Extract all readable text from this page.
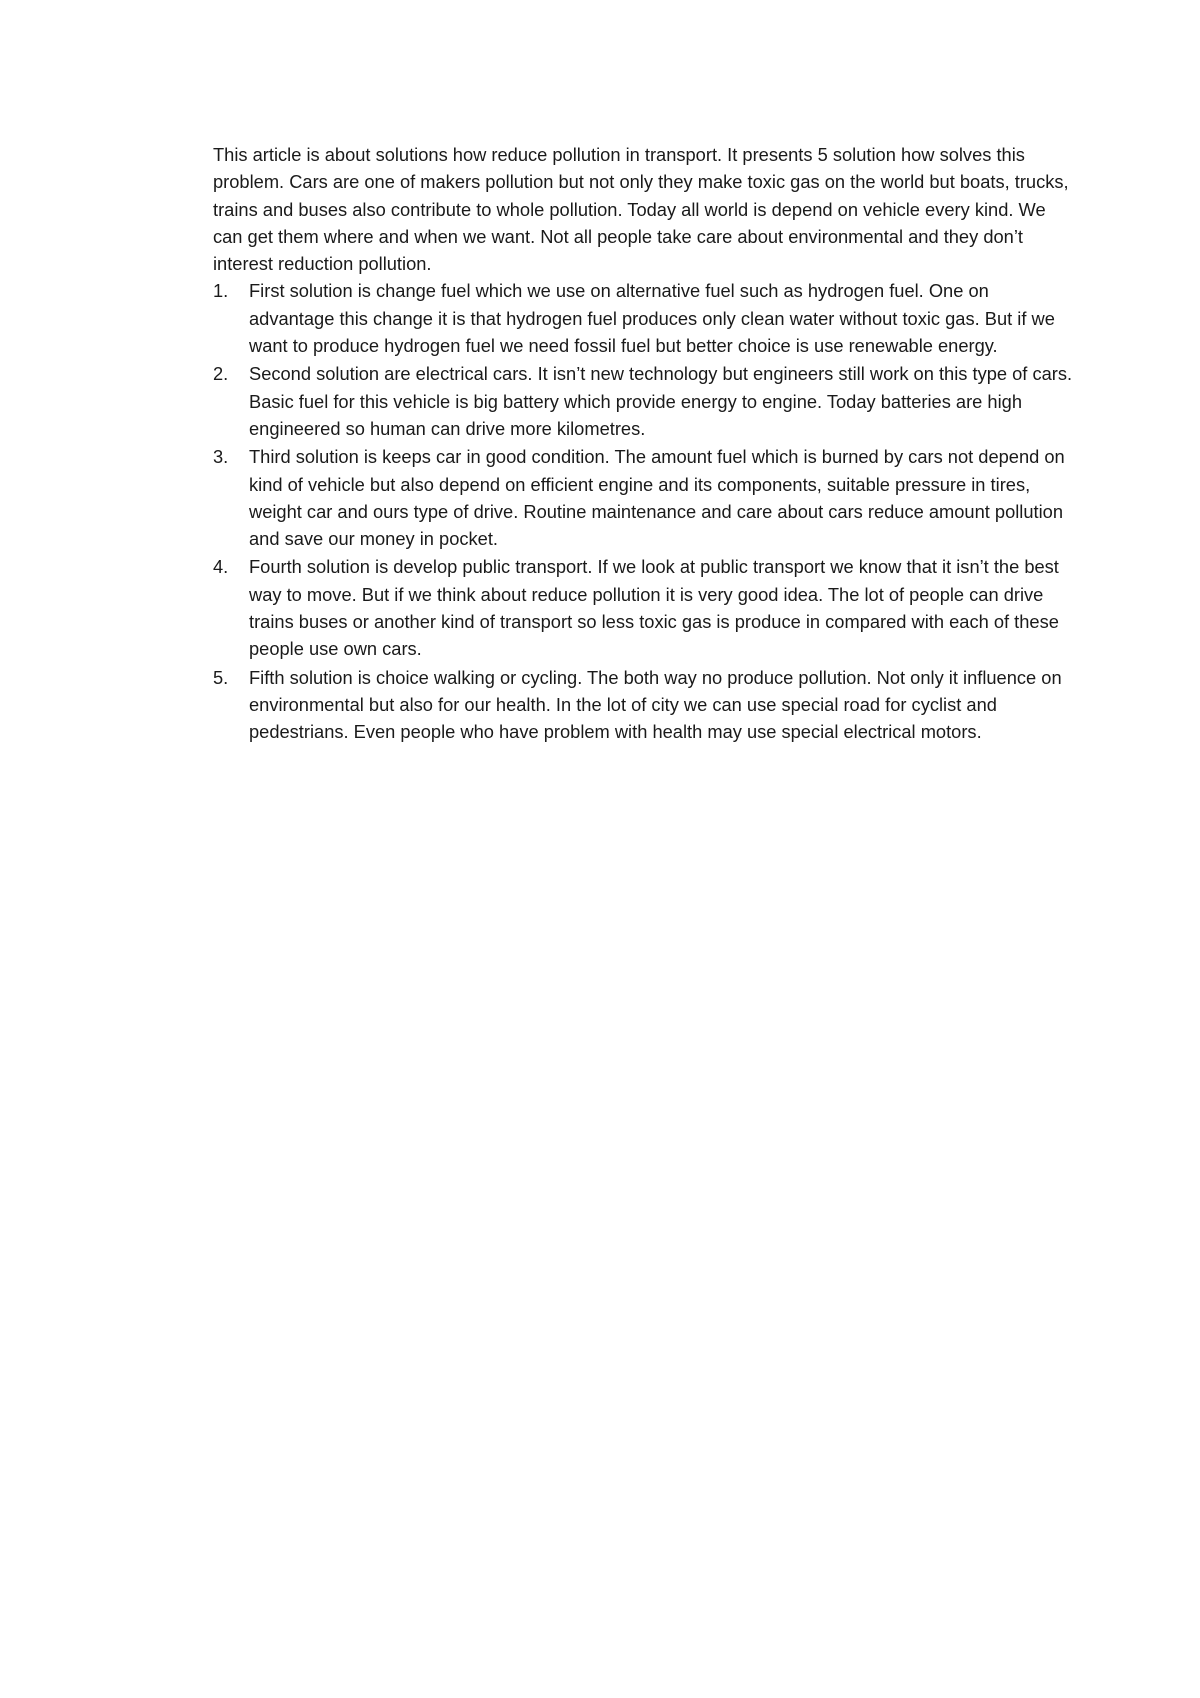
This article is about solutions how reduce pollution in transport. It presents 5 solution how solves this problem. Cars are one of makers pollution but not only they make toxic gas on the world but boats, trucks, trains and buses also contribute to whole pollution. Today all world is depend on vehicle every kind. We can get them where and when we want. Not all people take care about environmental and they don’t interest reduction pollution.

1. First solution is change fuel which we use on alternative fuel such as hydrogen fuel. One on advantage this change it is that hydrogen fuel produces only clean water without toxic gas. But if we want to produce hydrogen fuel we need fossil fuel but better choice is use renewable energy.
2. Second solution are electrical cars. It isn’t new technology but engineers still work on this type of cars. Basic fuel for this vehicle is big battery which provide energy to engine. Today batteries are high engineered so human can drive more kilometres.
3. Third solution is keeps car in good condition. The amount fuel which is burned by cars not depend on kind of vehicle but also depend on efficient engine and its components, suitable pressure in tires, weight car and ours type of drive. Routine maintenance and care about cars reduce amount pollution and save our money in pocket.
4. Fourth solution is develop public transport. If we look at public transport we know that it isn’t the best way to move. But if we think about reduce pollution it is very good idea. The lot of people can drive trains buses or another kind of transport so less toxic gas is produce in compared with each of these people use own cars.
5. Fifth solution is choice walking or cycling. The both way no produce pollution. Not only it influence on environmental but also for our health. In the lot of city we can use special road for cyclist and pedestrians. Even people who have problem with health may use special electrical motors.
